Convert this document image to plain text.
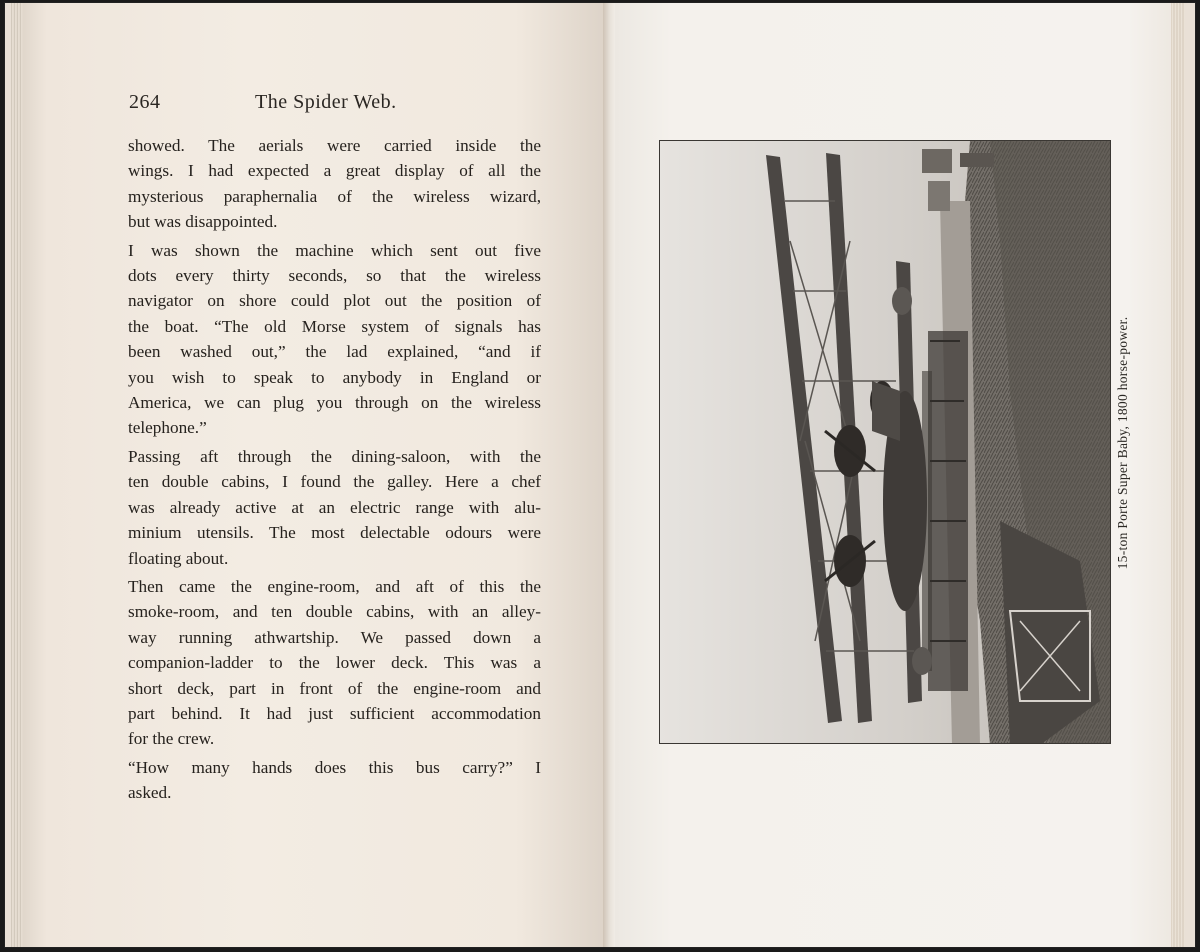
264	The Spider Web.
showed. The aerials were carried inside the
wings. I had expected a great display of all the
mysterious paraphernalia of the wireless wizard,
but was disappointed.
I was shown the machine which sent out five
dots every thirty seconds, so that the wireless
navigator on shore could plot out the position of
the boat. “The old Morse system of signals has
been washed out,” the lad explained, “and if
you wish to speak to anybody in England or
America, we can plug you through on the wireless
telephone.”
Passing aft through the dining-saloon, with the
ten double cabins, I found the galley. Here a chef
was already active at an electric range with alu-
minium utensils. The most delectable odours were
floating about.
Then came the engine-room, and aft of this the
smoke-room, and ten double cabins, with an alley-
way running athwartship. We passed down a
companion-ladder to the lower deck. This was a
short deck, part in front of the engine-room and
part behind. It had just sufficient accommodation
for the crew.
“How many hands does this bus carry?” I
asked.
15-ton Porte Super Baby, 1800 horse-power.
